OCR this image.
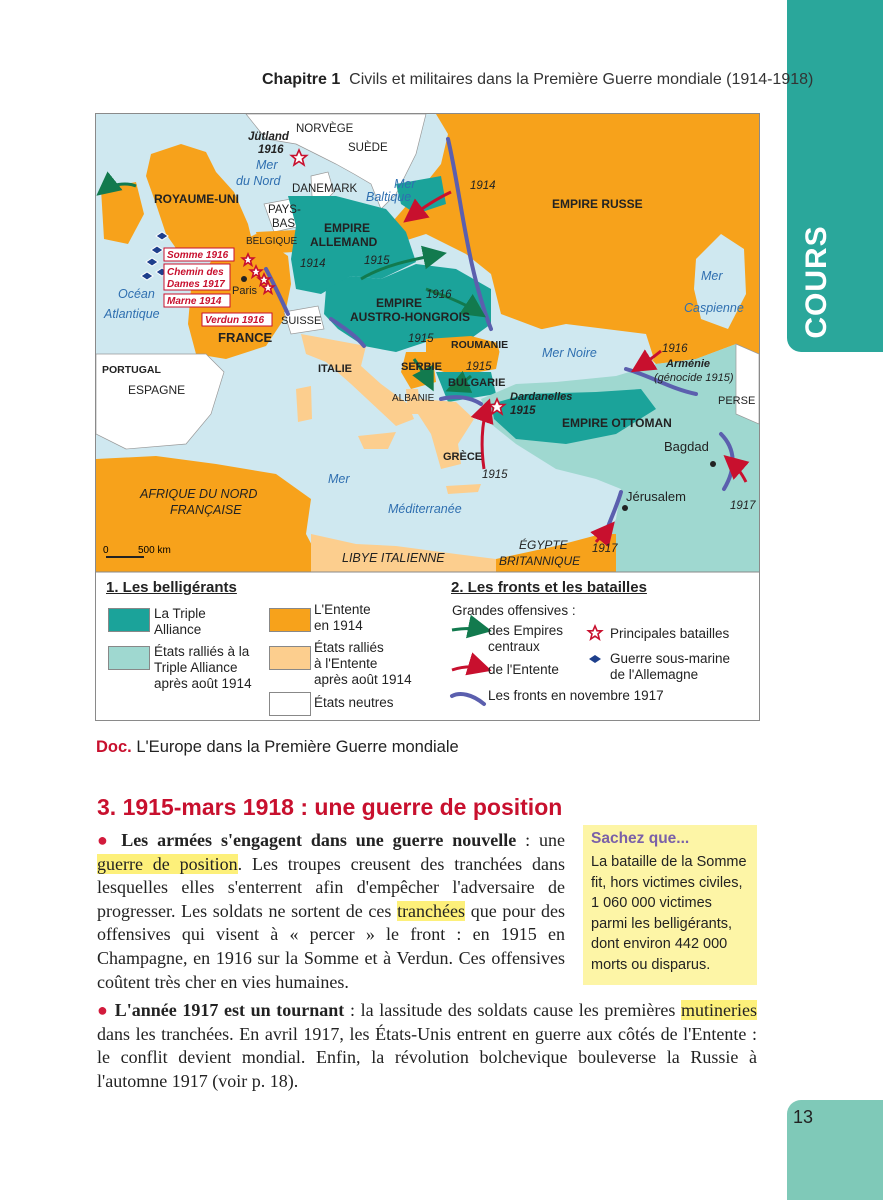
COURS
Chapitre 1 Civils et militaires dans la Première Guerre mondiale (1914-1918)
Somme 1916
Chemin des
Dames 1917
Marne 1914
Verdun 1916
Jütland
1916
NORVÈGE
SUÈDE
Mer
du Nord
DANEMARK	Mer
Baltique
ROYAUME-UNI
PAYS-
BAS
BELGIQUE
EMPIRE
ALLEMAND
EMPIRE RUSSE
Océan
Atlantique
Paris
SUISSE
FRANCE
EMPIRE
AUSTRO-HONGROIS
ROUMANIE
SERBIE
BULGARIE
Mer Noire
Mer
Caspienne
Arménie
(génocide 1915)
PERSE
PORTUGAL
ESPAGNE
ITALIE
ALBANIE	Dardanelles
EMPIRE OTTOMAN
Bagdad
GRÈCE
AFRIQUE DU NORD
FRANÇAISE
Mer
Méditerranée
Jérusalem
LIBYE ITALIENNE
ÉGYPTE
BRITANNIQUE
1914	1915
1914
1916
1915
1915
1916
1915
1915
1917
1917
0	500 km
1. Les belligérants	2. Les fronts et les batailles
La Triple
Alliance
États ralliés à la
Triple Alliance
après août 1914
L'Entente
en 1914
États ralliés
à l'Entente
après août 1914
États neutres
Grandes offensives :
des Empires
centraux
de l'Entente
Principales batailles
Guerre sous-marine
de l'Allemagne
Les fronts en novembre 1917
Doc. L'Europe dans la Première Guerre mondiale
3. 1915-mars 1918 : une guerre de position
● Les armées s'engagent dans une guerre nouvelle : une guerre de position. Les troupes creusent des tranchées dans lesquelles elles s'enterrent afin d'empêcher l'adversaire de progresser. Les soldats ne sortent de ces tranchées que pour des offensives qui visent à « percer » le front : en 1915 en Champagne, en 1916 sur la Somme et à Verdun. Ces offensives coûtent très cher en vies humaines.
Sachez que...
La bataille de la Somme fit, hors victimes civiles, 1 060 000 victimes parmi les belligérants, dont environ 442 000 morts ou disparus.
● L'année 1917 est un tournant : la lassitude des soldats cause les premières mutineries dans les tranchées. En avril 1917, les États-Unis entrent en guerre aux côtés de l'Entente : le conflit devient mondial. Enfin, la révolution bolchevique bouleverse la Russie à l'automne 1917 (voir p. 18).
13
